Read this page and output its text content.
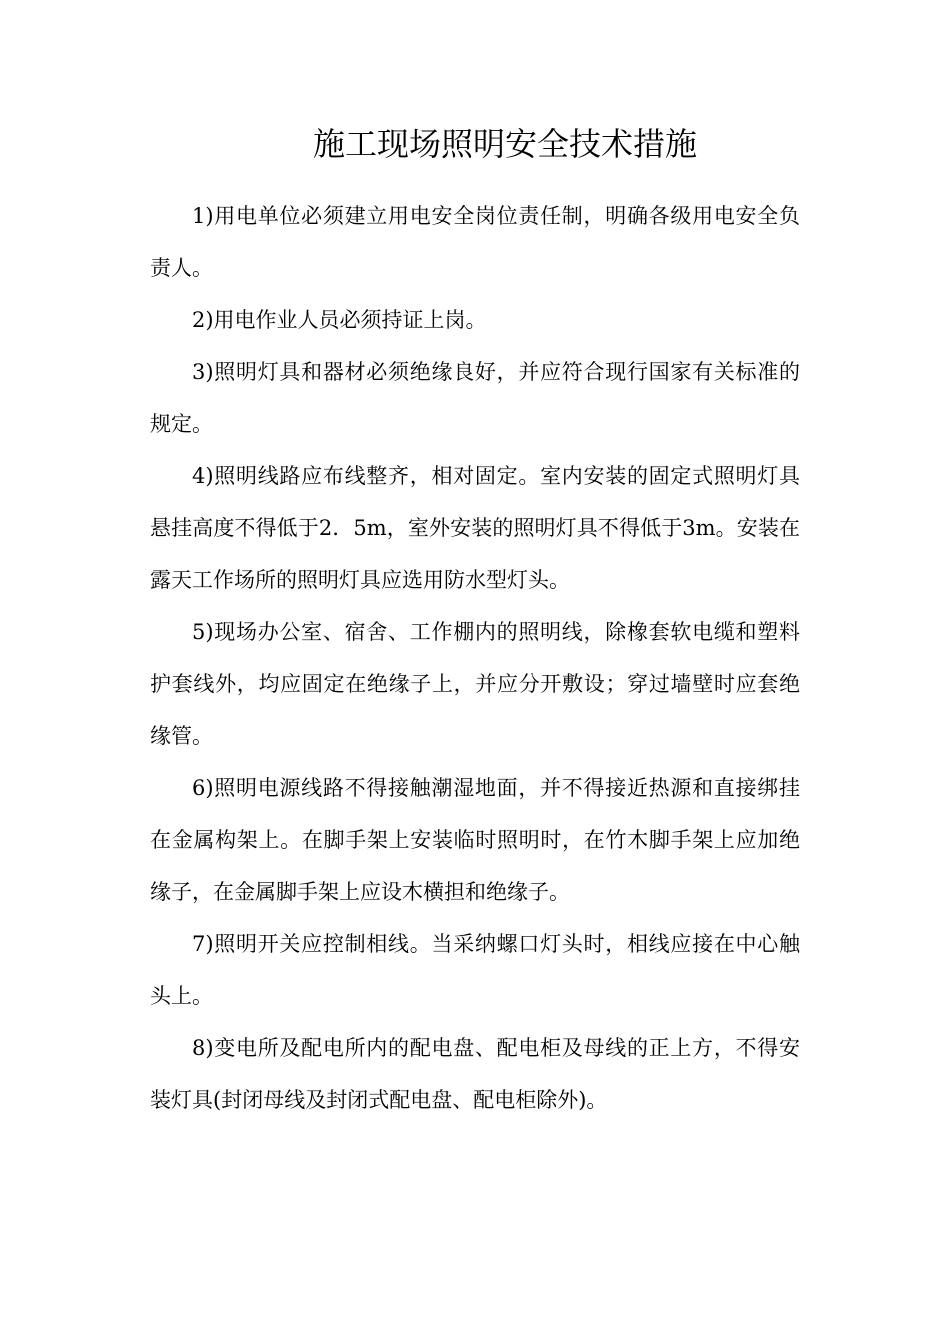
施工现场照明安全技术措施

1)用电单位必须建立用电安全岗位责任制，明确各级用电安全负责人。

2)用电作业人员必须持证上岗。

3)照明灯具和器材必须绝缘良好，并应符合现行国家有关标准的规定。

4)照明线路应布线整齐，相对固定。室内安装的固定式照明灯具悬挂高度不得低于2．5m，室外安装的照明灯具不得低于3m。安装在露天工作场所的照明灯具应选用防水型灯头。

5)现场办公室、宿舍、工作棚内的照明线，除橡套软电缆和塑料护套线外，均应固定在绝缘子上，并应分开敷设；穿过墙壁时应套绝缘管。

6)照明电源线路不得接触潮湿地面，并不得接近热源和直接绑挂在金属构架上。在脚手架上安装临时照明时，在竹木脚手架上应加绝缘子，在金属脚手架上应设木横担和绝缘子。

7)照明开关应控制相线。当采纳螺口灯头时，相线应接在中心触头上。

8)变电所及配电所内的配电盘、配电柜及母线的正上方，不得安装灯具(封闭母线及封闭式配电盘、配电柜除外)。
